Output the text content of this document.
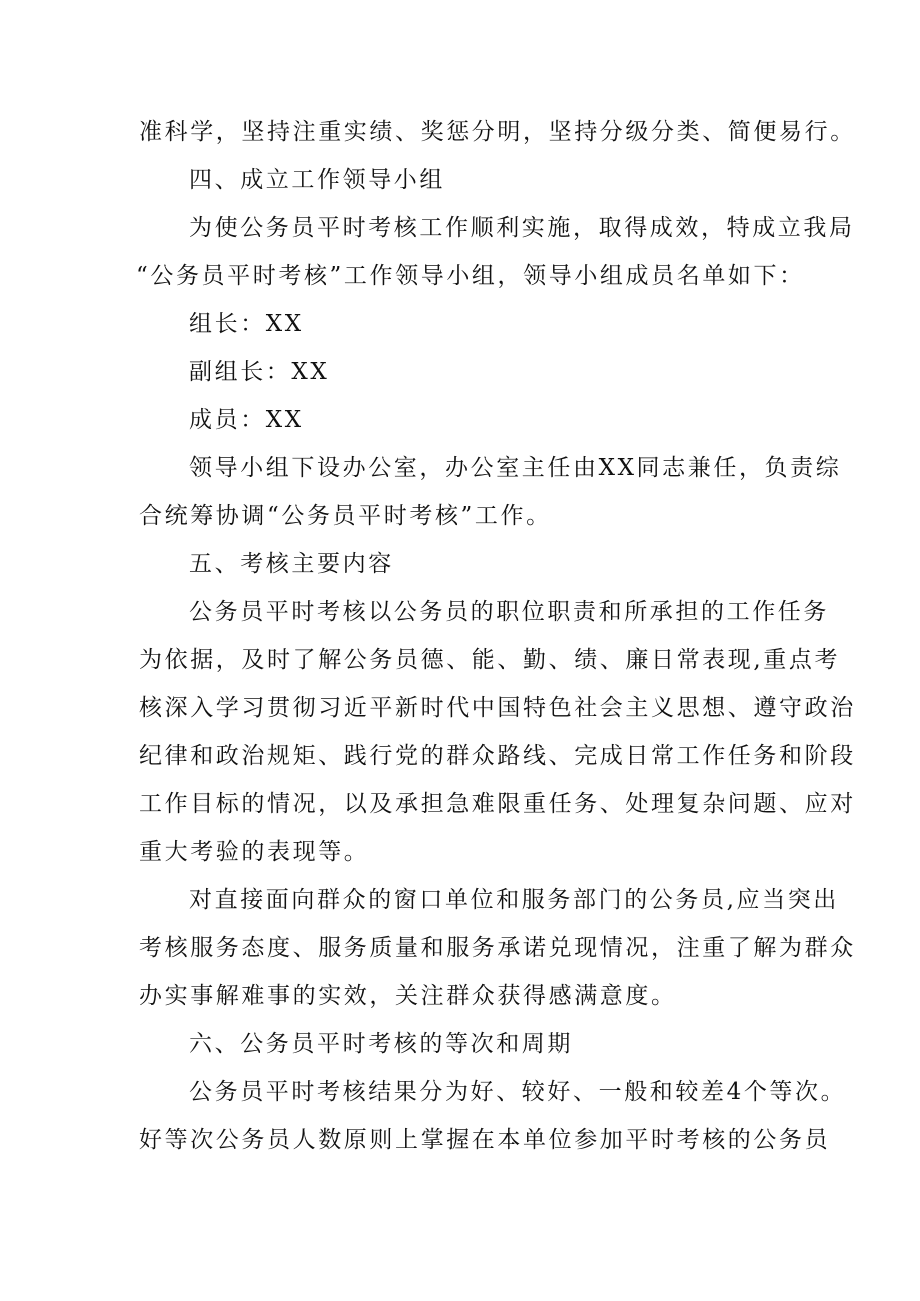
准科学，坚持注重实绩、奖惩分明，坚持分级分类、简便易行。
四、成立工作领导小组
为使公务员平时考核工作顺利实施，取得成效，特成立我局
“公务员平时考核”工作领导小组，领导小组成员名单如下：
组长：XX
副组长：XX
成员：XX
领导小组下设办公室，办公室主任由XX同志兼任，负责综
合统筹协调“公务员平时考核”工作。
五、考核主要内容
公务员平时考核以公务员的职位职责和所承担的工作任务
为依据，及时了解公务员德、能、勤、绩、廉日常表现,重点考
核深入学习贯彻习近平新时代中国特色社会主义思想、遵守政治
纪律和政治规矩、践行党的群众路线、完成日常工作任务和阶段
工作目标的情况，以及承担急难限重任务、处理复杂问题、应对
重大考验的表现等。
对直接面向群众的窗口单位和服务部门的公务员,应当突出
考核服务态度、服务质量和服务承诺兑现情况，注重了解为群众
办实事解难事的实效，关注群众获得感满意度。
六、公务员平时考核的等次和周期
公务员平时考核结果分为好、较好、一般和较差4个等次。
好等次公务员人数原则上掌握在本单位参加平时考核的公务员
